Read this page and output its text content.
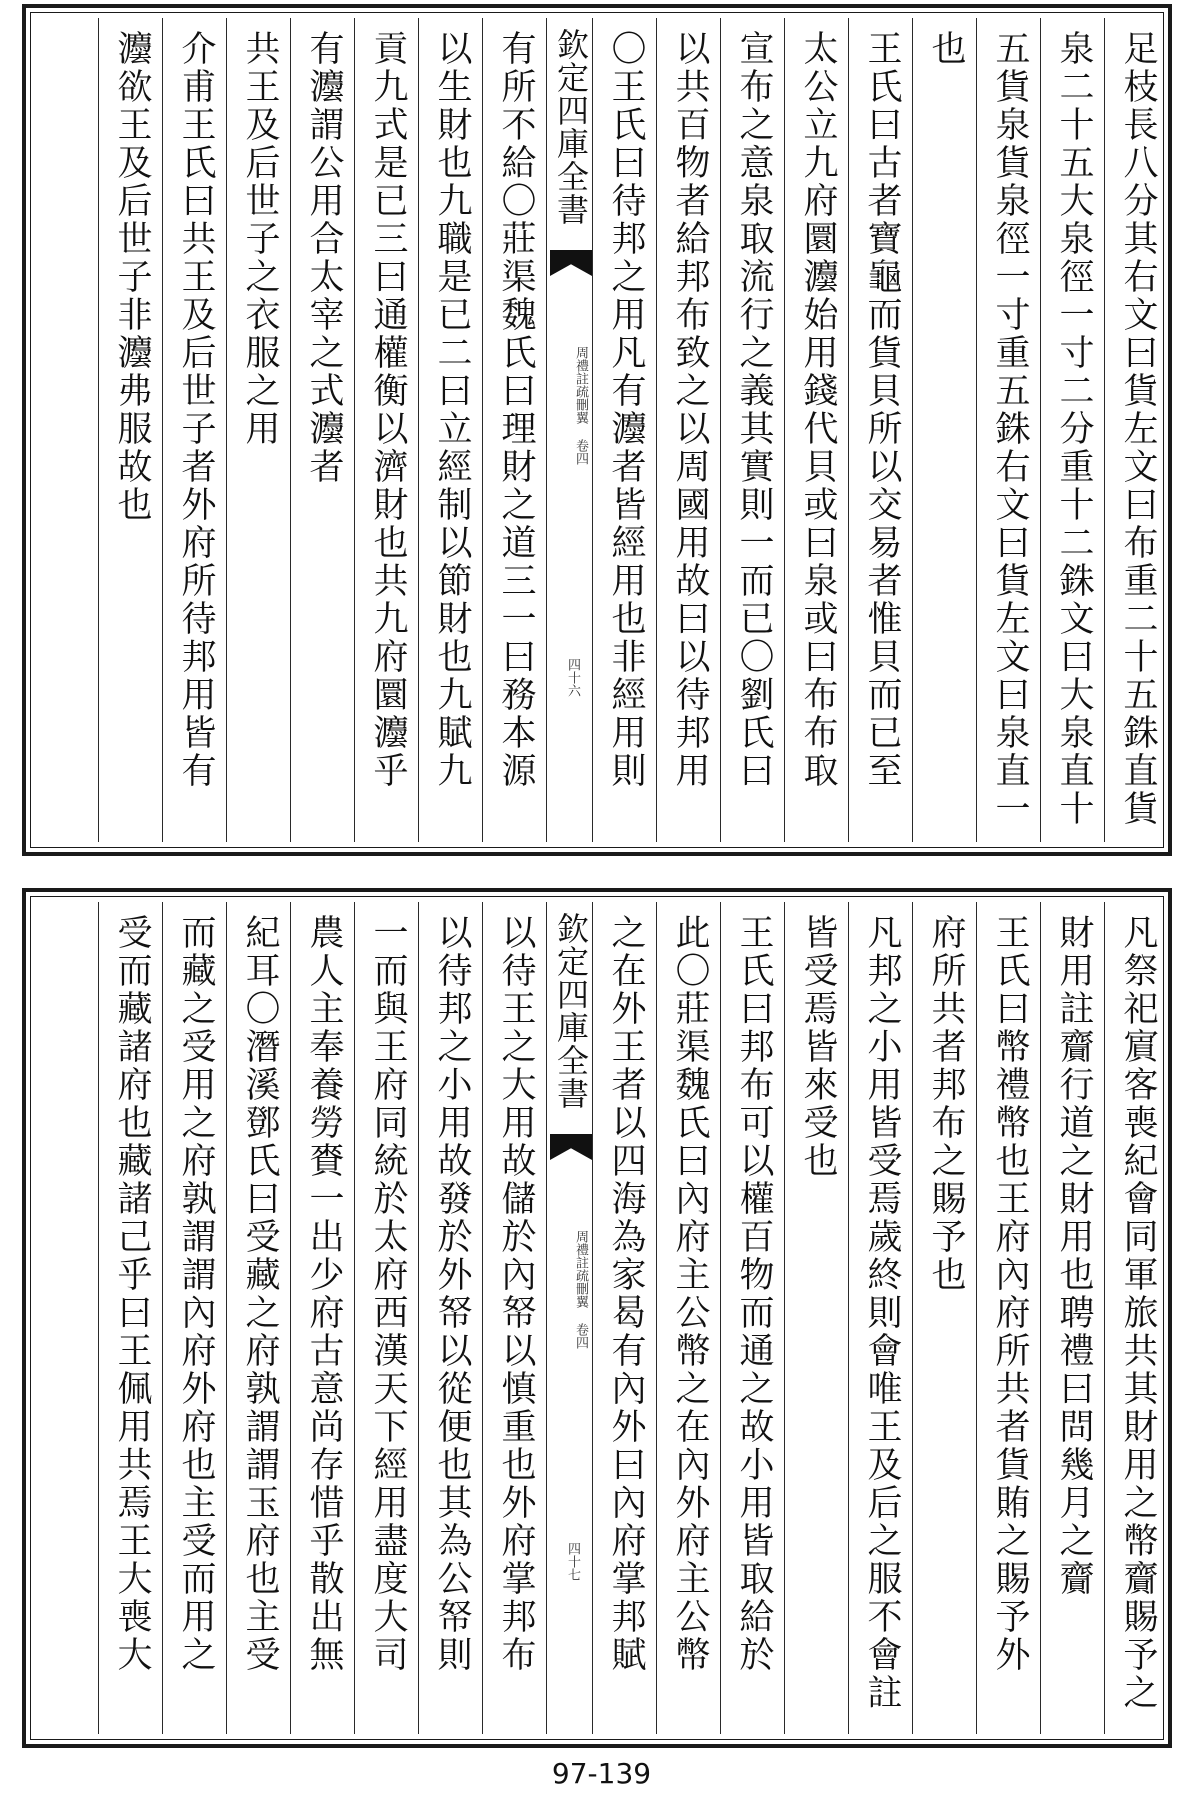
足枝長八分其右文曰貨左文曰布重二十五銖直貨
泉二十五大泉徑一寸二分重十二銖文曰大泉直十
五貨泉貨泉徑一寸重五銖右文曰貨左文曰泉直一
也
王氏曰古者寶龜而貨貝所以交易者惟貝而已至
太公立九府圜灋始用錢代貝或曰泉或曰布布取
宣布之意泉取流行之義其實則一而已〇劉氏曰
以共百物者給邦布致之以周國用故曰以待邦用
〇王氏曰待邦之用凡有灋者皆經用也非經用則
欽定四庫全書
周禮註疏刪翼 卷四
四十六
有所不給〇莊渠魏氏曰理財之道三一曰務本源
以生財也九職是已二曰立經制以節財也九賦九
貢九式是已三曰通權衡以濟財也共九府圜灋乎
有灋謂公用合太宰之式灋者
共王及后世子之衣服之用
介甫王氏曰共王及后世子者外府所待邦用皆有
灋欲王及后世子非灋弗服故也
凡祭祀賔客喪紀會同軍旅共其財用之幣齎賜予之
財用註齎行道之財用也聘禮曰問幾月之齎
王氏曰幣禮幣也王府內府所共者貨賄之賜予外
府所共者邦布之賜予也
凡邦之小用皆受焉歲終則會唯王及后之服不會註
皆受焉皆來受也
王氏曰邦布可以權百物而通之故小用皆取給於
此〇莊渠魏氏曰內府主公幣之在內外府主公幣
之在外王者以四海為家曷有內外曰內府掌邦賦
欽定四庫全書
周禮註疏刪翼 卷四
四十七
以待王之大用故儲於內帑以慎重也外府掌邦布
以待邦之小用故發於外帑以從便也其為公帑則
一而與王府同統於太府西漢天下經用盡度大司
農人主奉養勞賚一出少府古意尚存惜乎散出無
紀耳〇潛溪鄧氏曰受藏之府孰謂謂玉府也主受
而藏之受用之府孰謂謂內府外府也主受而用之
受而藏諸府也藏諸己乎曰王佩用共焉王大喪大
97-139
